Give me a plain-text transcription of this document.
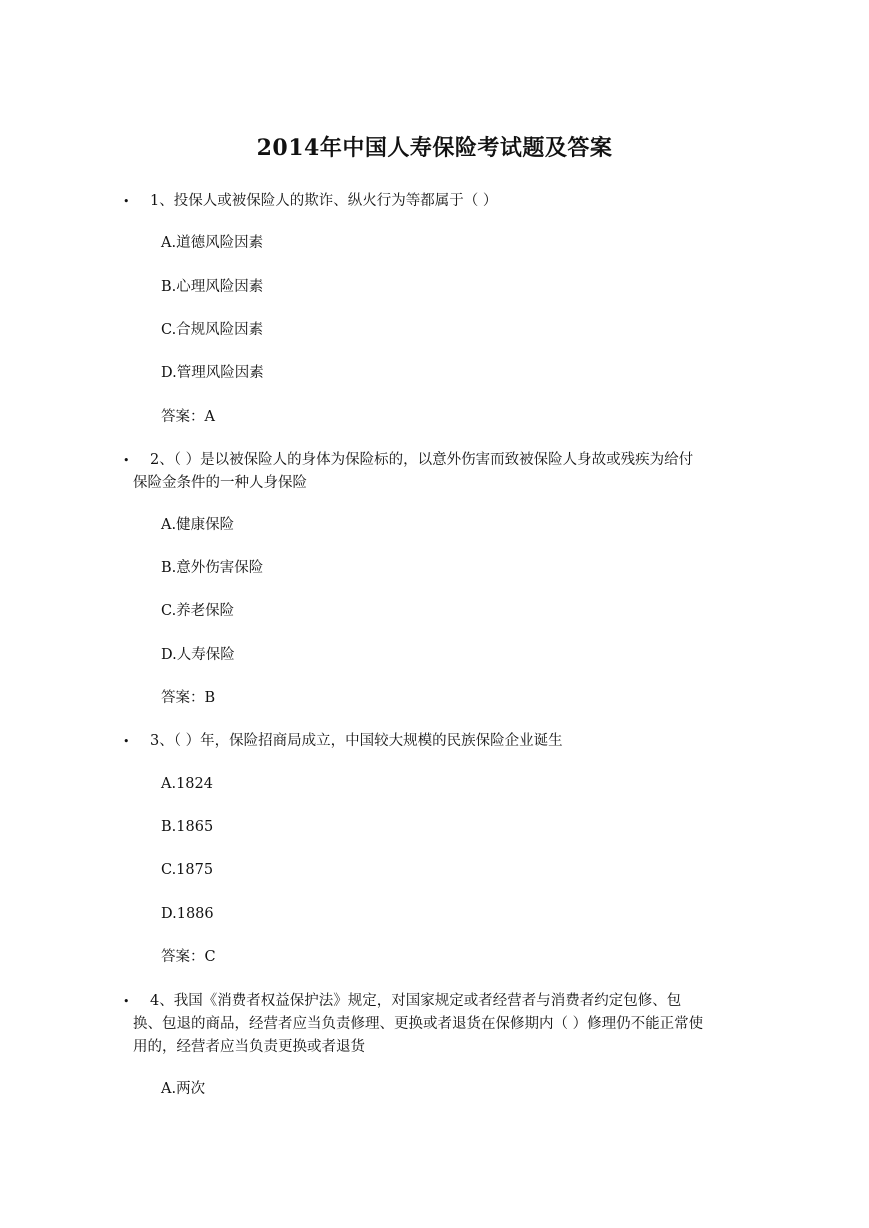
2014年中国人寿保险考试题及答案
•	1、投保人或被保险人的欺诈、纵火行为等都属于（ ）
A.道德风险因素
B.心理风险因素
C.合规风险因素
D.管理风险因素
答案：A
•	2、（ ）是以被保险人的身体为保险标的，以意外伤害而致被保险人身故或残疾为给付
保险金条件的一种人身保险
A.健康保险
B.意外伤害保险
C.养老保险
D.人寿保险
答案：B
•	3、（ ）年，保险招商局成立，中国较大规模的民族保险企业诞生
A.1824
B.1865
C.1875
D.1886
答案：C
•	4、我国《消费者权益保护法》规定，对国家规定或者经营者与消费者约定包修、包
换、包退的商品，经营者应当负责修理、更换或者退货在保修期内（ ）修理仍不能正常使
用的，经营者应当负责更换或者退货
A.两次
